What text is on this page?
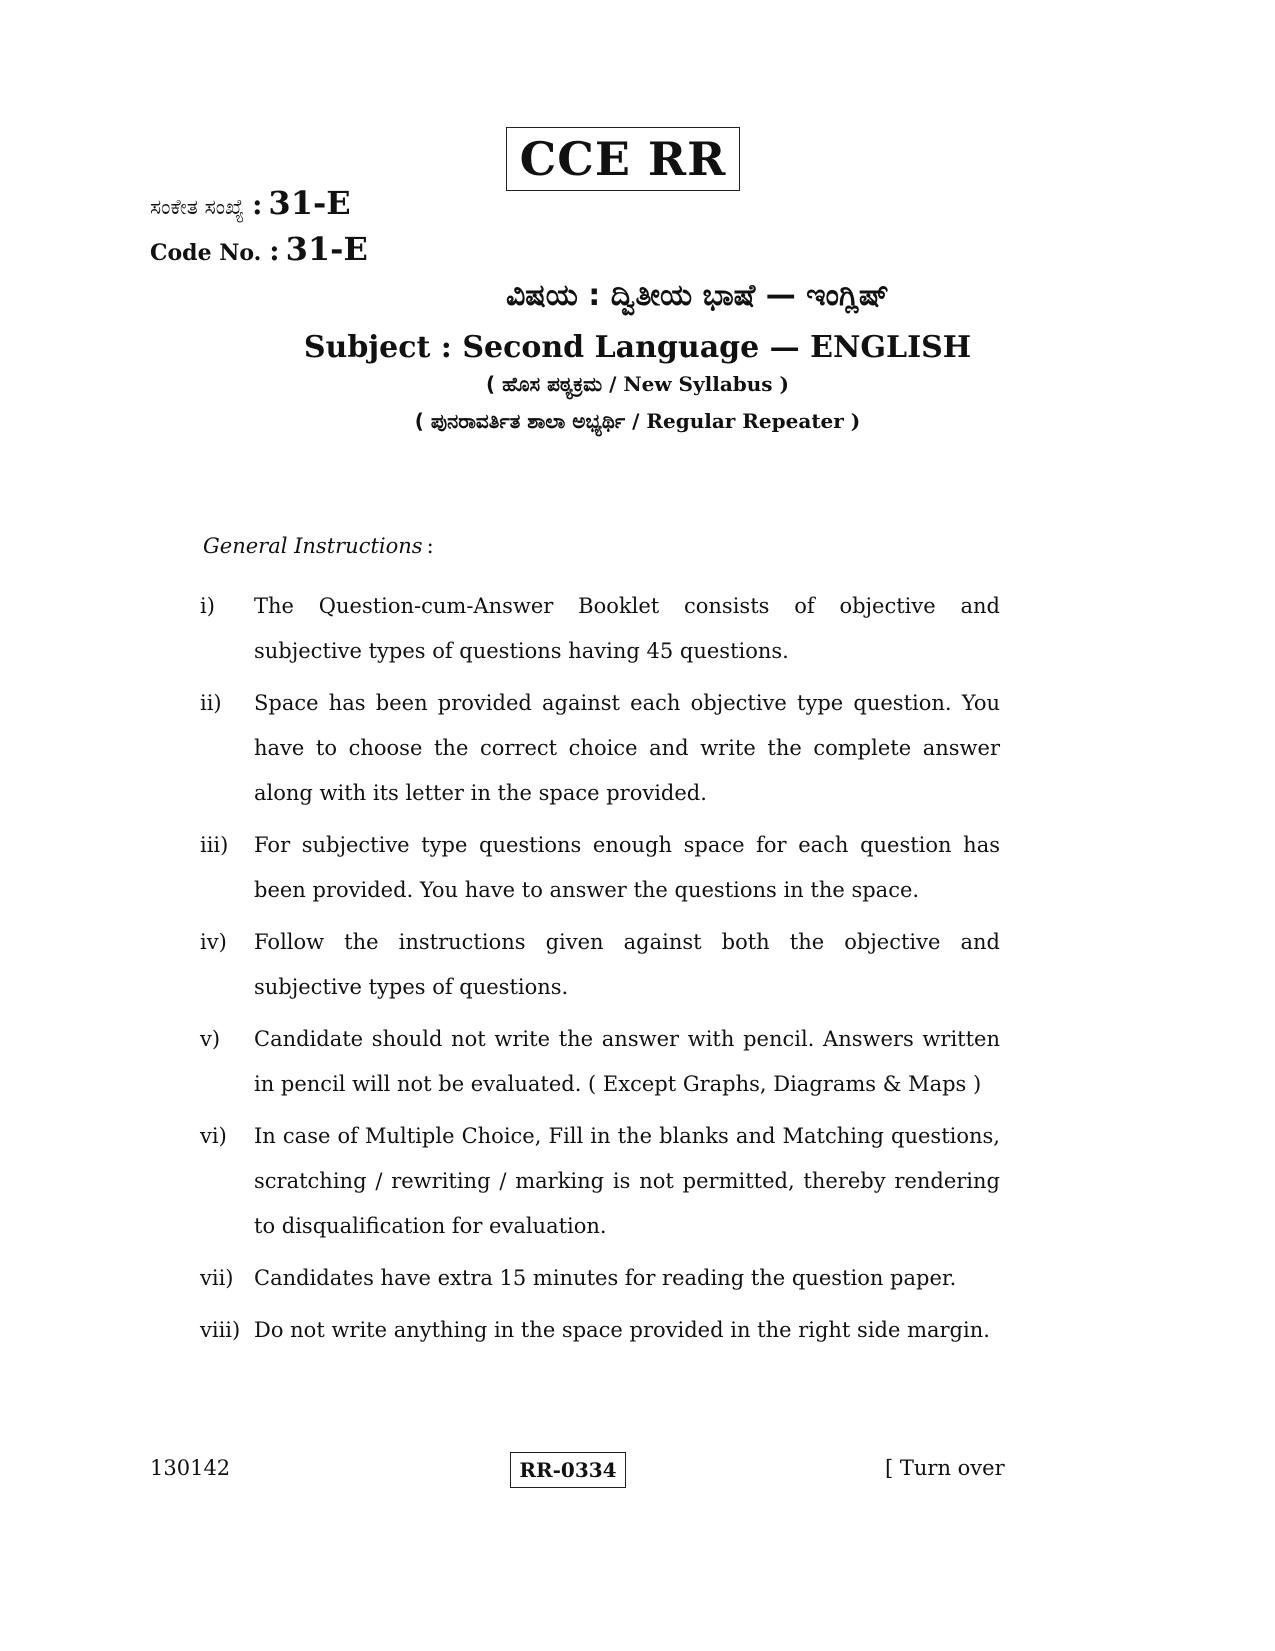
CCE RR
ಸಂಕೇತ ಸಂಖ್ಯೆ : 31-E
Code No. : 31-E
ವಿಷಯ : ದ್ವಿತೀಯ ಭಾಷೆ — ಇಂಗ್ಲಿಷ್
Subject : Second Language — ENGLISH
( ಹೊಸ ಪಠ್ಯಕ್ರಮ / New Syllabus )
( ಪುನರಾವರ್ತಿತ ಶಾಲಾ ಅಭ್ಯರ್ಥಿ / Regular Repeater )
General Instructions :
i)	The Question-cum-Answer Booklet consists of objective and subjective types of questions having 45 questions.
ii)	Space has been provided against each objective type question. You have to choose the correct choice and write the complete answer along with its letter in the space provided.
iii)	For subjective type questions enough space for each question has been provided. You have to answer the questions in the space.
iv)	Follow the instructions given against both the objective and subjective types of questions.
v)	Candidate should not write the answer with pencil. Answers written in pencil will not be evaluated. ( Except Graphs, Diagrams & Maps )
vi)	In case of Multiple Choice, Fill in the blanks and Matching questions, scratching / rewriting / marking is not permitted, thereby rendering to disqualification for evaluation.
vii) Candidates have extra 15 minutes for reading the question paper.
viii) Do not write anything in the space provided in the right side margin.
130142	RR-0334	[ Turn over
